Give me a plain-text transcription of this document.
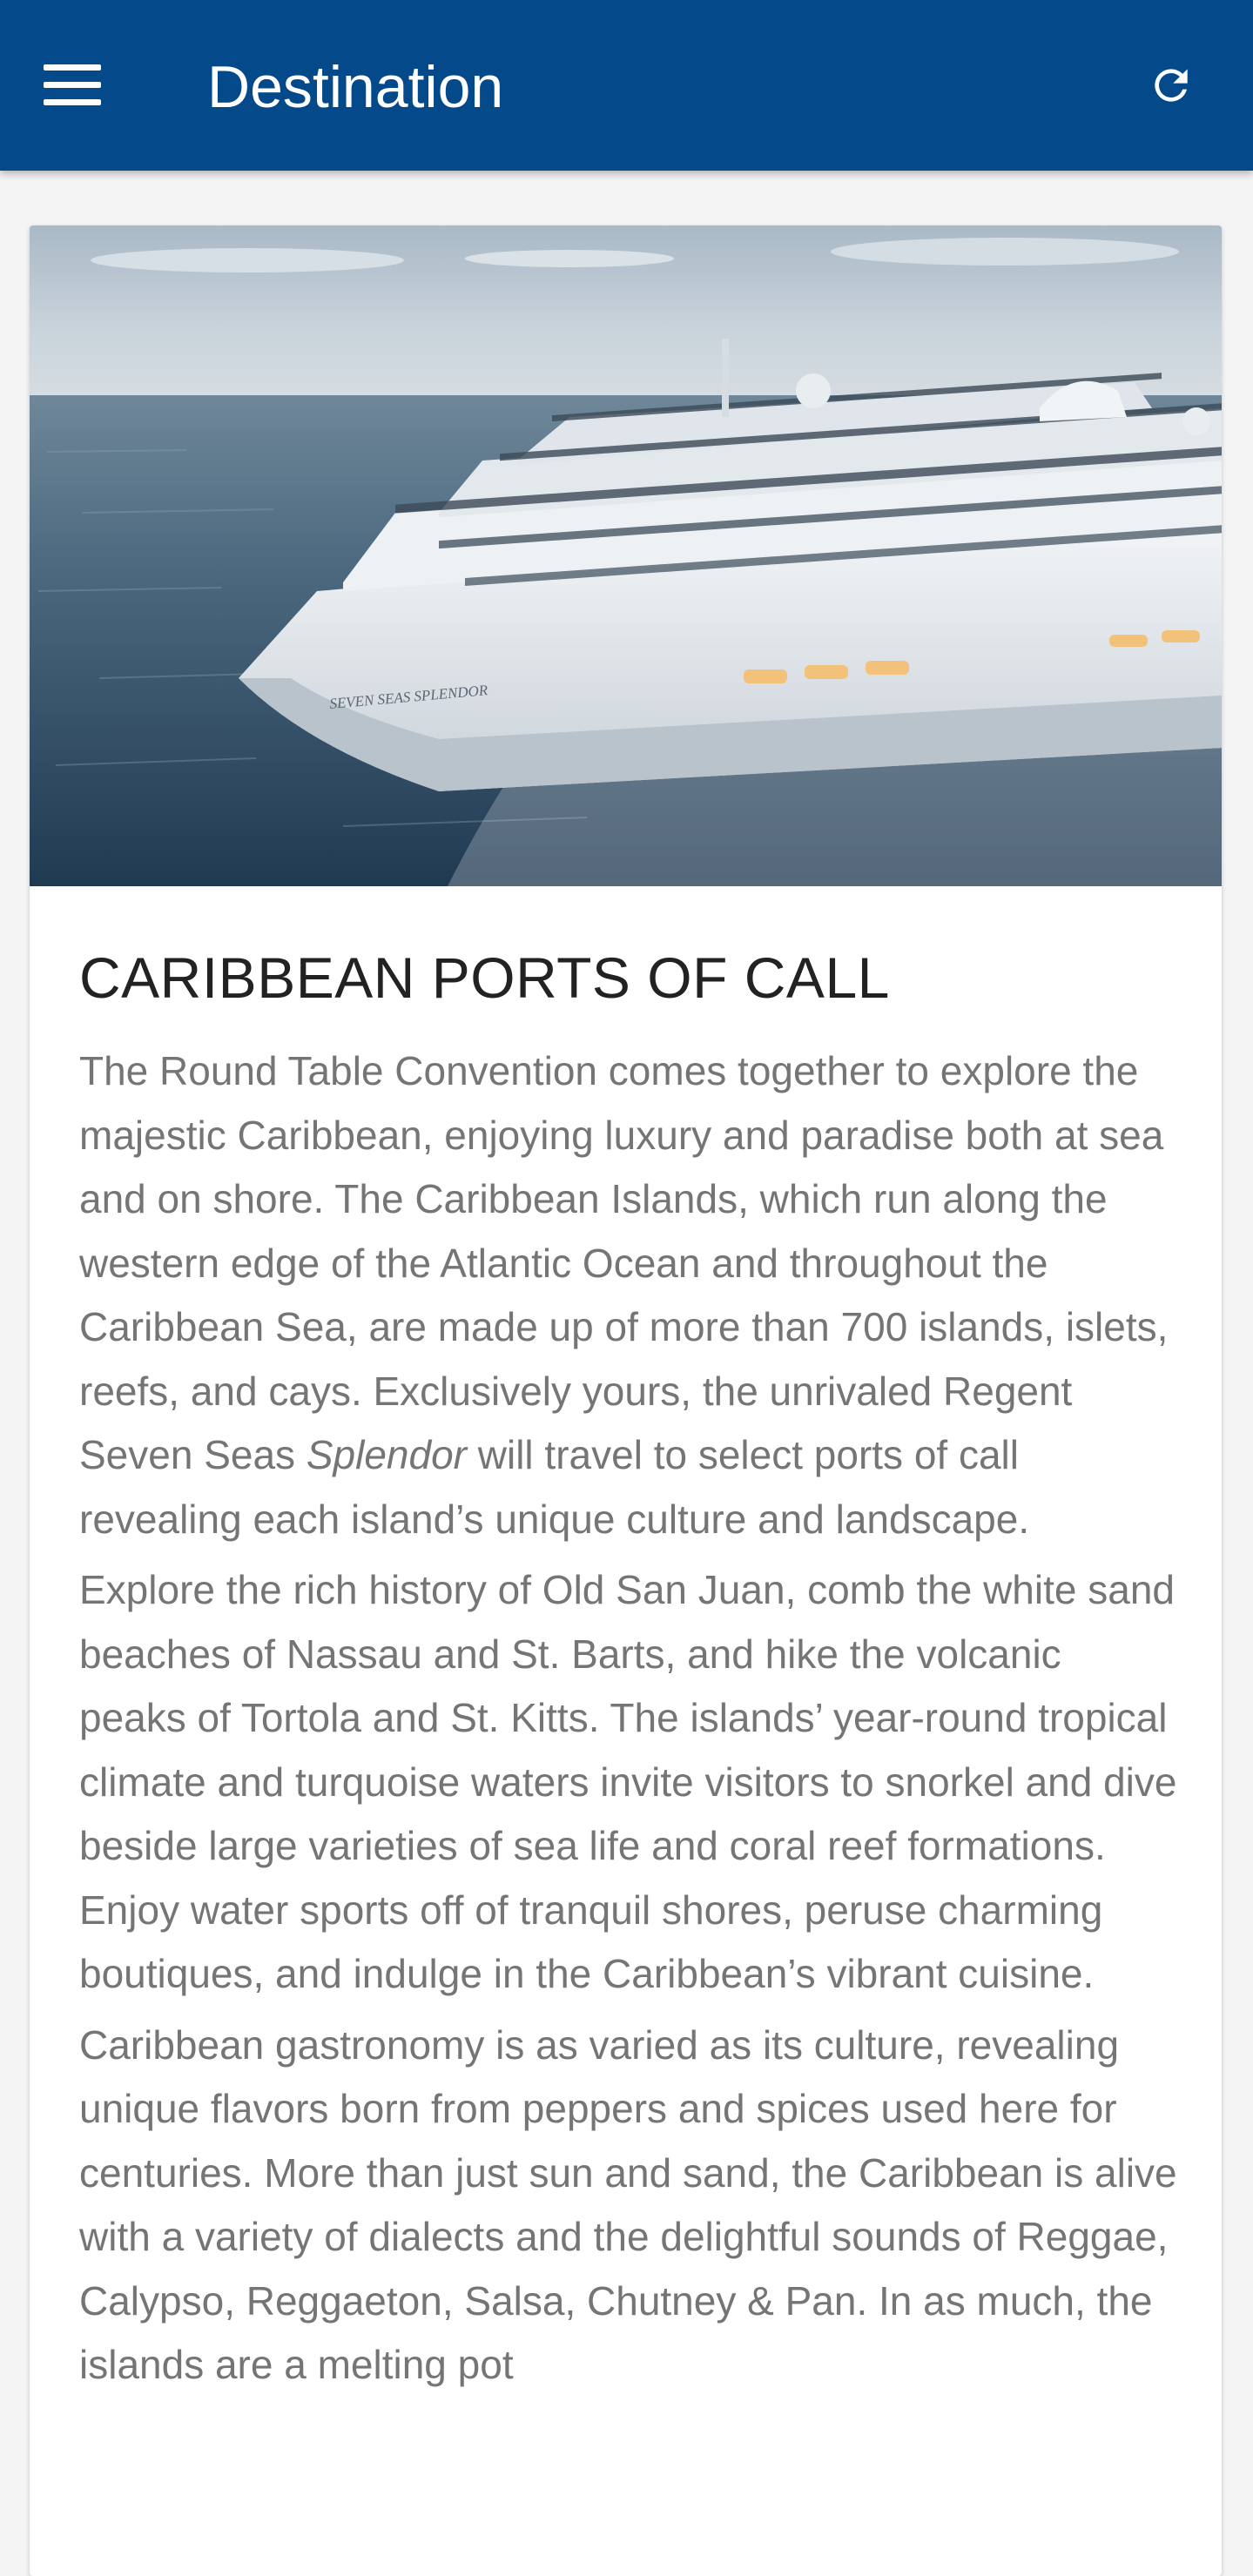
Destination
SEVEN SEAS SPLENDOR
CARIBBEAN PORTS OF CALL

The Round Table Convention comes together to explore the majestic Caribbean, enjoying luxury and paradise both at sea and on shore. The Caribbean Islands, which run along the western edge of the Atlantic Ocean and throughout the Caribbean Sea, are made up of more than 700 islands, islets, reefs, and cays. Exclusively yours, the unrivaled Regent Seven Seas Splendor will travel to select ports of call revealing each island’s unique culture and landscape.

Explore the rich history of Old San Juan, comb the white sand beaches of Nassau and St. Barts, and hike the volcanic peaks of Tortola and St. Kitts. The islands’ year-round tropical climate and turquoise waters invite visitors to snorkel and dive beside large varieties of sea life and coral reef formations. Enjoy water sports off of tranquil shores, peruse charming boutiques, and indulge in the Caribbean’s vibrant cuisine.

Caribbean gastronomy is as varied as its culture, revealing unique flavors born from peppers and spices used here for centuries. More than just sun and sand, the Caribbean is alive with a variety of dialects and the delightful sounds of Reggae, Calypso, Reggaeton, Salsa, Chutney & Pan. In as much, the islands are a melting pot
